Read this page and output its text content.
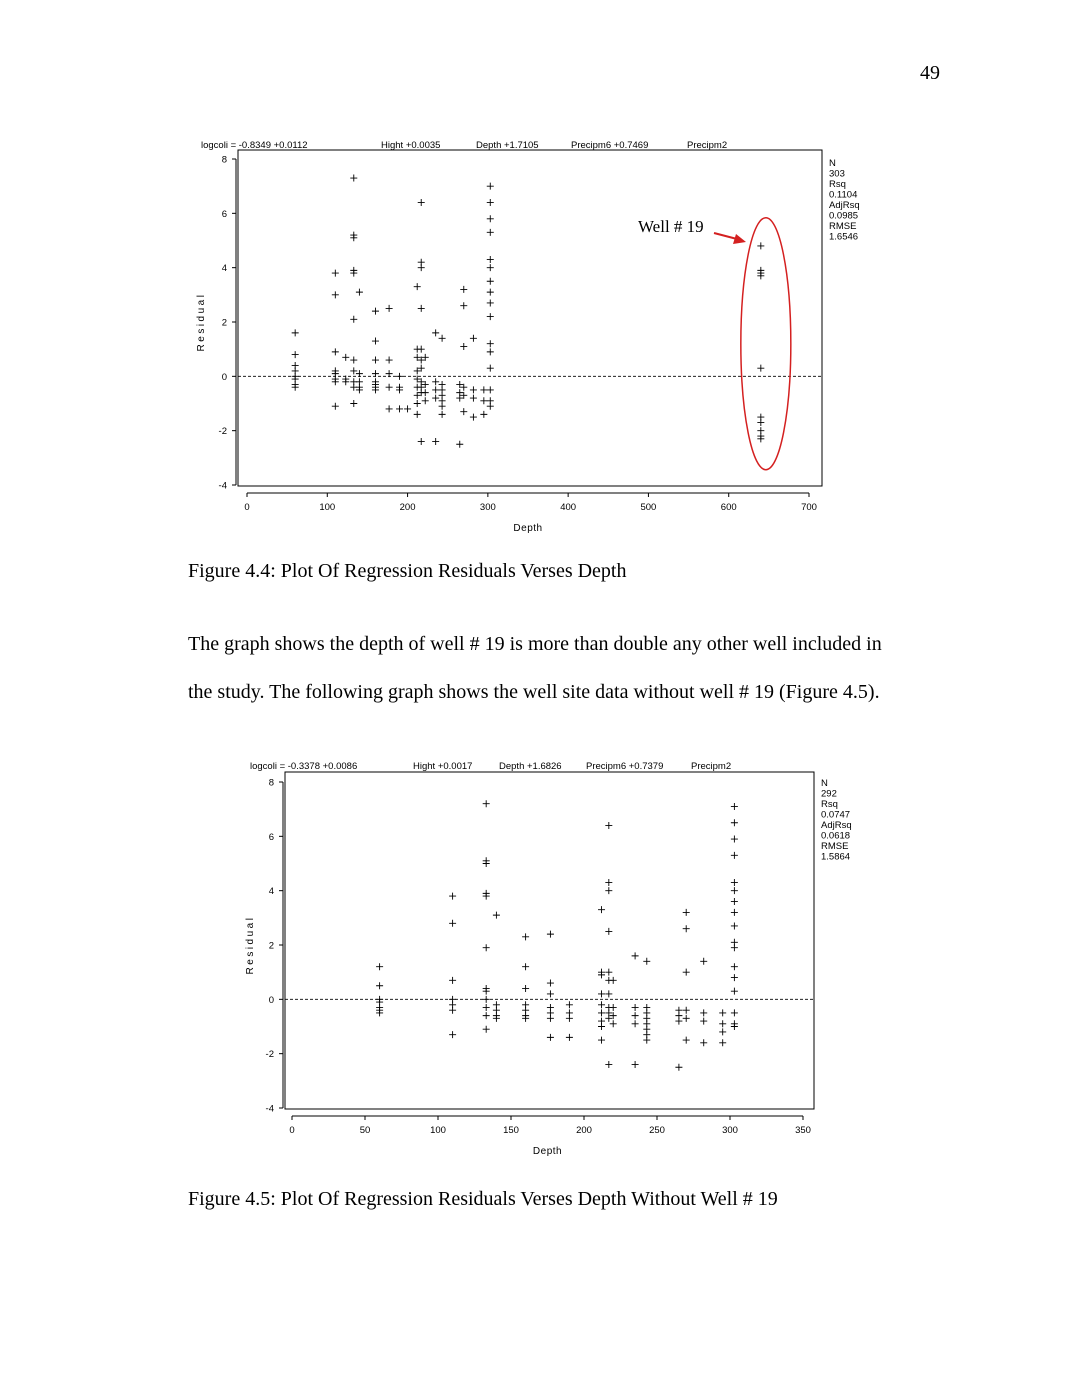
49
-4
-2
0
2
4
6
8
0	100	200	300	400	500	600	700
Depth
Residual
logcoli = -0.8349 +0.0112	Hight +0.0035	Depth +1.7105	Precipm6 +0.7469	Precipm2
N
303
Rsq
0.1104
AdjRsq
0.0985
RMSE
1.6546
Well # 19
Figure 4.4: Plot Of Regression Residuals Verses Depth
The graph shows the depth of well # 19 is more than double any other well included in
the study. The following graph shows the well site data without well # 19 (Figure 4.5).
-4
-2
0
2
4
6
8
0	50	100	150	200	250	300	350
Depth
Residual
logcoli = -0.3378 +0.0086	Hight +0.0017	Depth +1.6826	Precipm6 +0.7379	Precipm2
N
292
Rsq
0.0747
AdjRsq
0.0618
RMSE
1.5864
Figure 4.5: Plot Of Regression Residuals Verses Depth Without Well # 19
